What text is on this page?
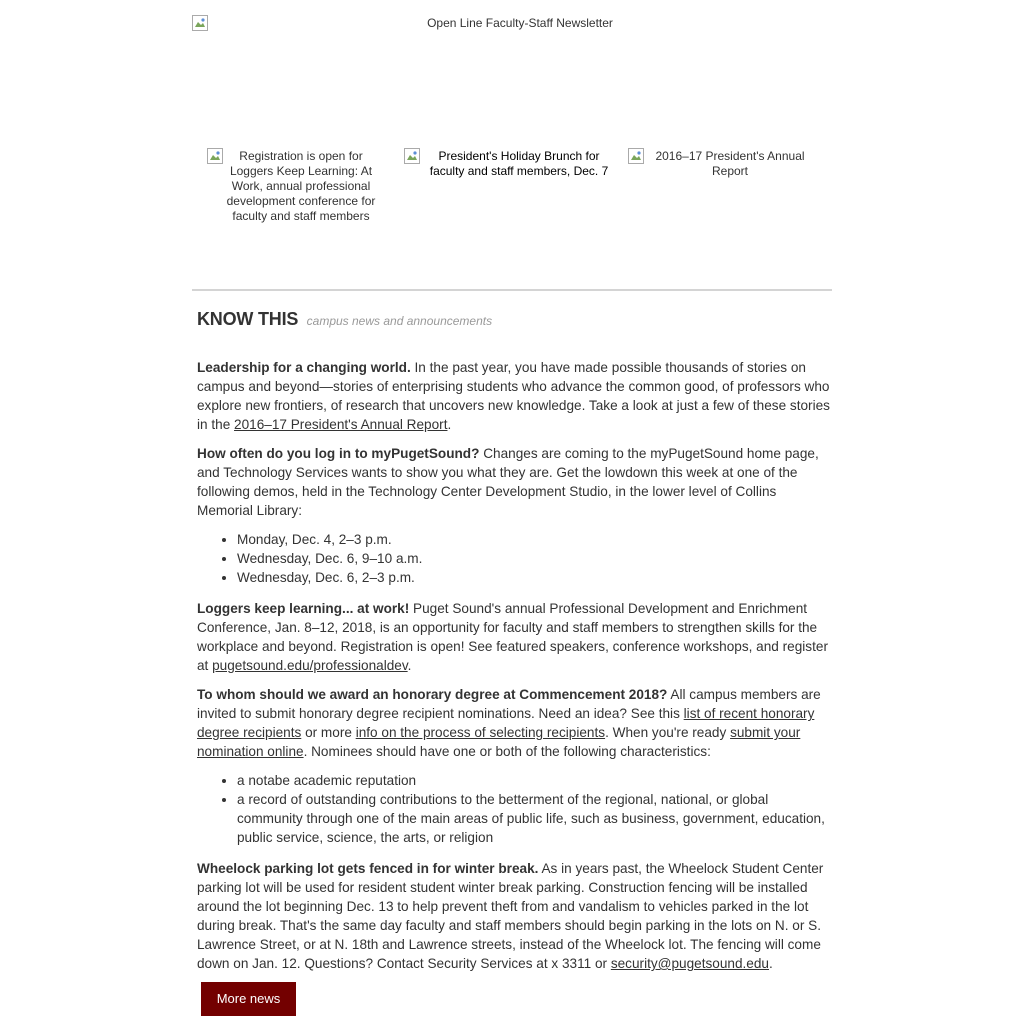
Open Line Faculty-Staff Newsletter
Registration is open for Loggers Keep Learning: At Work, annual professional development conference for faculty and staff members
President's Holiday Brunch for faculty and staff members, Dec. 7
2016–17 President's Annual Report
KNOW THIS campus news and announcements

Leadership for a changing world. In the past year, you have made possible thousands of stories on campus and beyond—stories of enterprising students who advance the common good, of professors who explore new frontiers, of research that uncovers new knowledge. Take a look at just a few of these stories in the 2016–17 President's Annual Report.

How often do you log in to myPugetSound? Changes are coming to the myPugetSound home page, and Technology Services wants to show you what they are. Get the lowdown this week at one of the following demos, held in the Technology Center Development Studio, in the lower level of Collins Memorial Library:

• Monday, Dec. 4, 2–3 p.m.
• Wednesday, Dec. 6, 9–10 a.m.
• Wednesday, Dec. 6, 2–3 p.m.

Loggers keep learning... at work! Puget Sound's annual Professional Development and Enrichment Conference, Jan. 8–12, 2018, is an opportunity for faculty and staff members to strengthen skills for the workplace and beyond. Registration is open! See featured speakers, conference workshops, and register at pugetsound.edu/professionaldev.

To whom should we award an honorary degree at Commencement 2018? All campus members are invited to submit honorary degree recipient nominations. Need an idea? See this list of recent honorary degree recipients or more info on the process of selecting recipients. When you're ready submit your nomination online. Nominees should have one or both of the following characteristics:

• a notabe academic reputation
• a record of outstanding contributions to the betterment of the regional, national, or global community through one of the main areas of public life, such as business, government, education, public service, science, the arts, or religion

Wheelock parking lot gets fenced in for winter break. As in years past, the Wheelock Student Center parking lot will be used for resident student winter break parking. Construction fencing will be installed around the lot beginning Dec. 13 to help prevent theft from and vandalism to vehicles parked in the lot during break. That's the same day faculty and staff members should begin parking in the lots on N. or S. Lawrence Street, or at N. 18th and Lawrence streets, instead of the Wheelock lot. The fencing will come down on Jan. 12. Questions? Contact Security Services at x 3311 or security@pugetsound.edu.

More news
